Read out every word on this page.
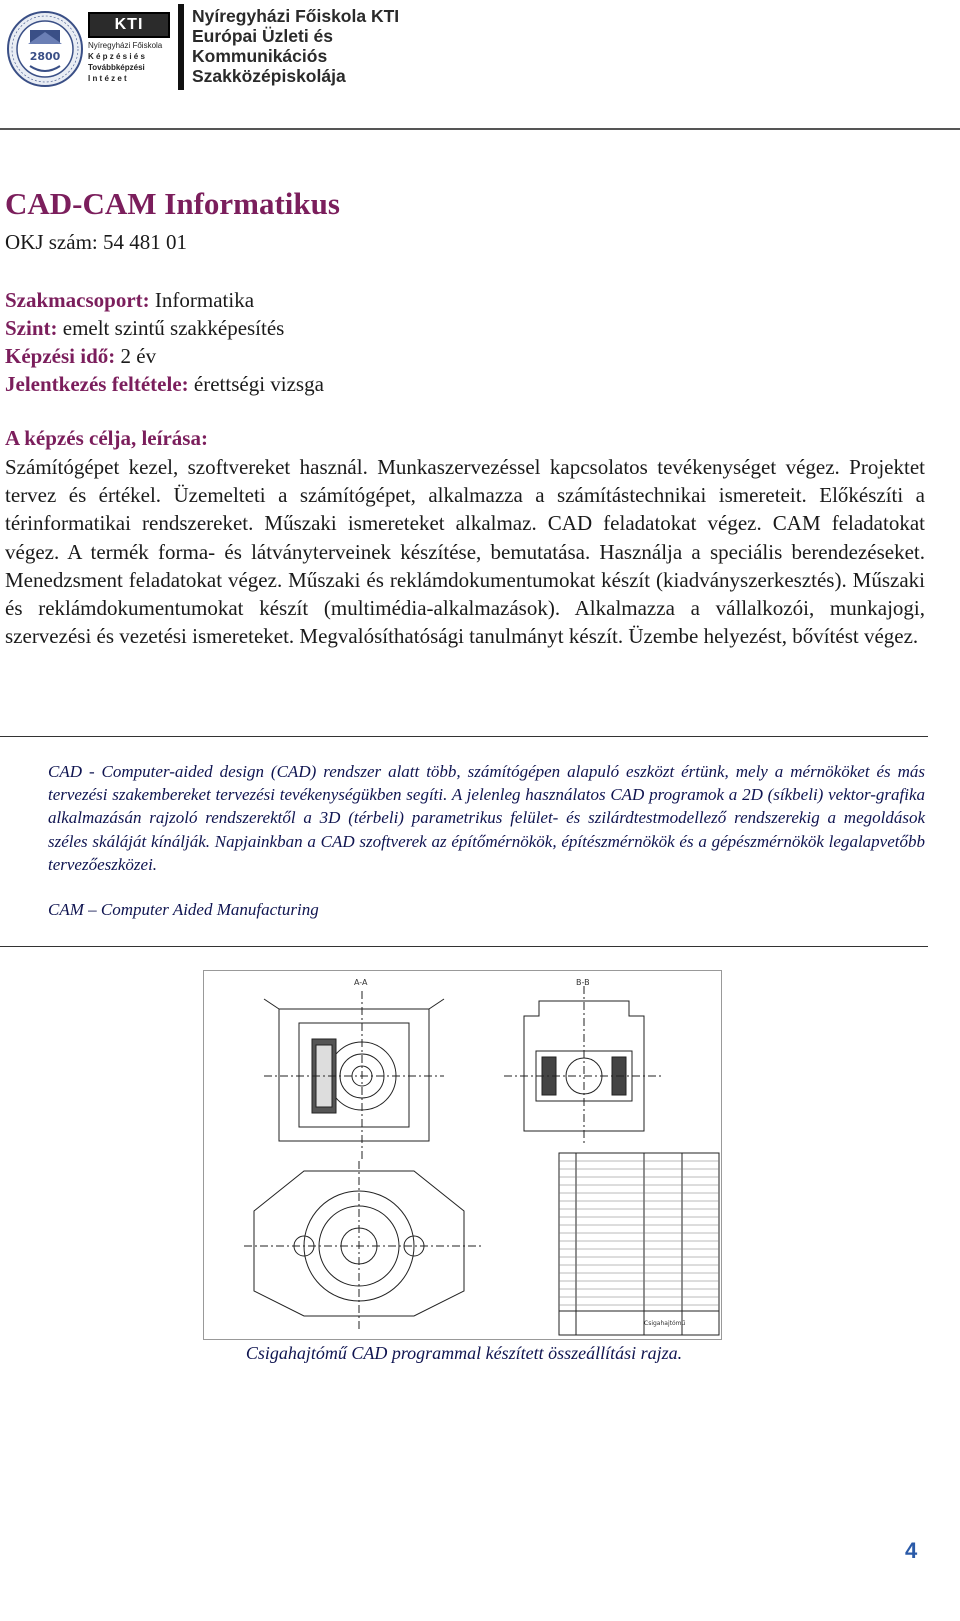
2800
KTI
Nyíregyházi Főiskola
K é p z é s i é s
Továbbképzési
I n t é z e t
Nyíregyházi Főiskola KTI
Európai Üzleti és
Kommunikációs
Szakközépiskolája
CAD-CAM Informatikus
OKJ szám: 54 481 01
Szakmacsoport: Informatika
Szint: emelt szintű szakképesítés
Képzési idő: 2 év
Jelentkezés feltétele: érettségi vizsga
A képzés célja, leírása:

Számítógépet kezel, szoftvereket használ. Munkaszervezéssel kapcsolatos tevékenységet végez. Projektet tervez és értékel. Üzemelteti a számítógépet, alkalmazza a számítástechnikai ismereteit. Előkészíti a térinformatikai rendszereket. Műszaki ismereteket alkalmaz. CAD feladatokat végez. CAM feladatokat végez. A termék forma- és látványterveinek készítése, bemutatása. Használja a speciális berendezéseket. Menedzsment feladatokat végez. Műszaki és reklámdokumentumokat készít (kiadványszerkesztés). Műszaki és reklámdokumentumokat készít (multimédia-alkalmazások). Alkalmazza a vállalkozói, munkajogi, szervezési és vezetési ismereteket. Megvalósíthatósági tanulmányt készít. Üzembe helyezést, bővítést végez.

CAD - Computer-aided design (CAD) rendszer alatt több, számítógépen alapuló eszközt értünk, mely a mérnököket és más tervezési szakembereket tervezési tevékenységükben segíti. A jelenleg használatos CAD programok a 2D (síkbeli) vektor-grafika alkalmazásán rajzoló rendszerektől a 3D (térbeli) parametrikus felület- és szilárdtestmodellező rendszerekig a megoldások széles skáláját kínálják. Napjainkban a CAD szoftverek az építőmérnökök, építészmérnökök és a gépészmérnökök legalapvetőbb tervezőeszközei.

CAM – Computer Aided Manufacturing
A-A	B-B
Csigahajtómű
Csigahajtómű CAD programmal készített összeállítási rajza.
4
